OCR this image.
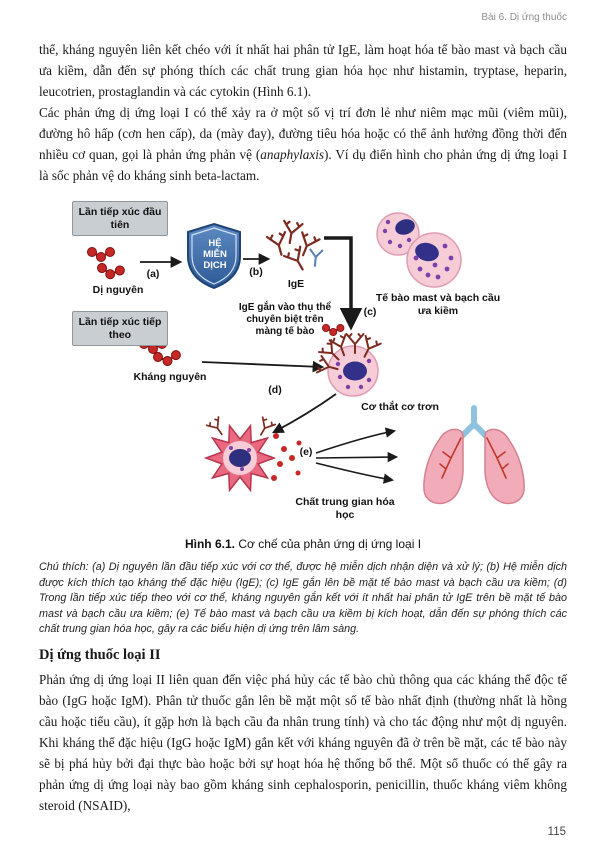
Bài 6. Dị ứng thuốc

thể, kháng nguyên liên kết chéo với ít nhất hai phân tử IgE, làm hoạt hóa tế bào mast và bạch cầu ưa kiềm, dẫn đến sự phóng thích các chất trung gian hóa học như histamin, tryptase, heparin, leucotrien, prostaglandin và các cytokin (Hình 6.1).

Các phản ứng dị ứng loại I có thể xảy ra ở một số vị trí đơn lẻ như niêm mạc mũi (viêm mũi), đường hô hấp (cơn hen cấp), da (mày đay), đường tiêu hóa hoặc có thể ảnh hưởng đồng thời đến nhiều cơ quan, gọi là phản ứng phản vệ (anaphylaxis). Ví dụ điển hình cho phản ứng dị ứng loại I là sốc phản vệ do kháng sinh beta-lactam.

Lần tiếp xúc đầu tiên
(a)
Dị nguyên
HỆ MIỄN DỊCH
(b)
IgE
Tế bào mast và bạch cầu ưa kiềm
(c)
Lần tiếp xúc tiếp theo
IgE gắn vào thụ thể chuyên biệt trên màng tế bào
Kháng nguyên
(d)
Cơ thắt cơ trơn
(e)
Chất trung gian hóa học
Hình 6.1. Cơ chế của phản ứng dị ứng loại I

Chú thích: (a) Dị nguyên lần đầu tiếp xúc với cơ thể, được hệ miễn dịch nhận diện và xử lý; (b) Hệ miễn dịch được kích thích tạo kháng thể đặc hiệu (IgE); (c) IgE gắn lên bề mặt tế bào mast và bạch cầu ưa kiềm; (d) Trong lần tiếp xúc tiếp theo với cơ thể, kháng nguyên gắn kết với ít nhất hai phân tử IgE trên bề mặt tế bào mast và bạch cầu ưa kiềm; (e) Tế bào mast và bạch cầu ưa kiềm bị kích hoạt, dẫn đến sự phóng thích các chất trung gian hóa học, gây ra các biểu hiện dị ứng trên lâm sàng.

Dị ứng thuốc loại II

Phản ứng dị ứng loại II liên quan đến việc phá hủy các tế bào chủ thông qua các kháng thể độc tế bào (IgG hoặc IgM). Phân tử thuốc gắn lên bề mặt một số tế bào nhất định (thường nhất là hồng cầu hoặc tiểu cầu), ít gặp hơn là bạch cầu đa nhân trung tính) và cho tác động như một dị nguyên. Khi kháng thể đặc hiệu (IgG hoặc IgM) gắn kết với kháng nguyên đã ở trên bề mặt, các tế bào này sẽ bị phá hủy bởi đại thực bào hoặc bởi sự hoạt hóa hệ thống bổ thể. Một số thuốc có thể gây ra phản ứng dị ứng loại này bao gồm kháng sinh cephalosporin, penicillin, thuốc kháng viêm không steroid (NSAID),

115
